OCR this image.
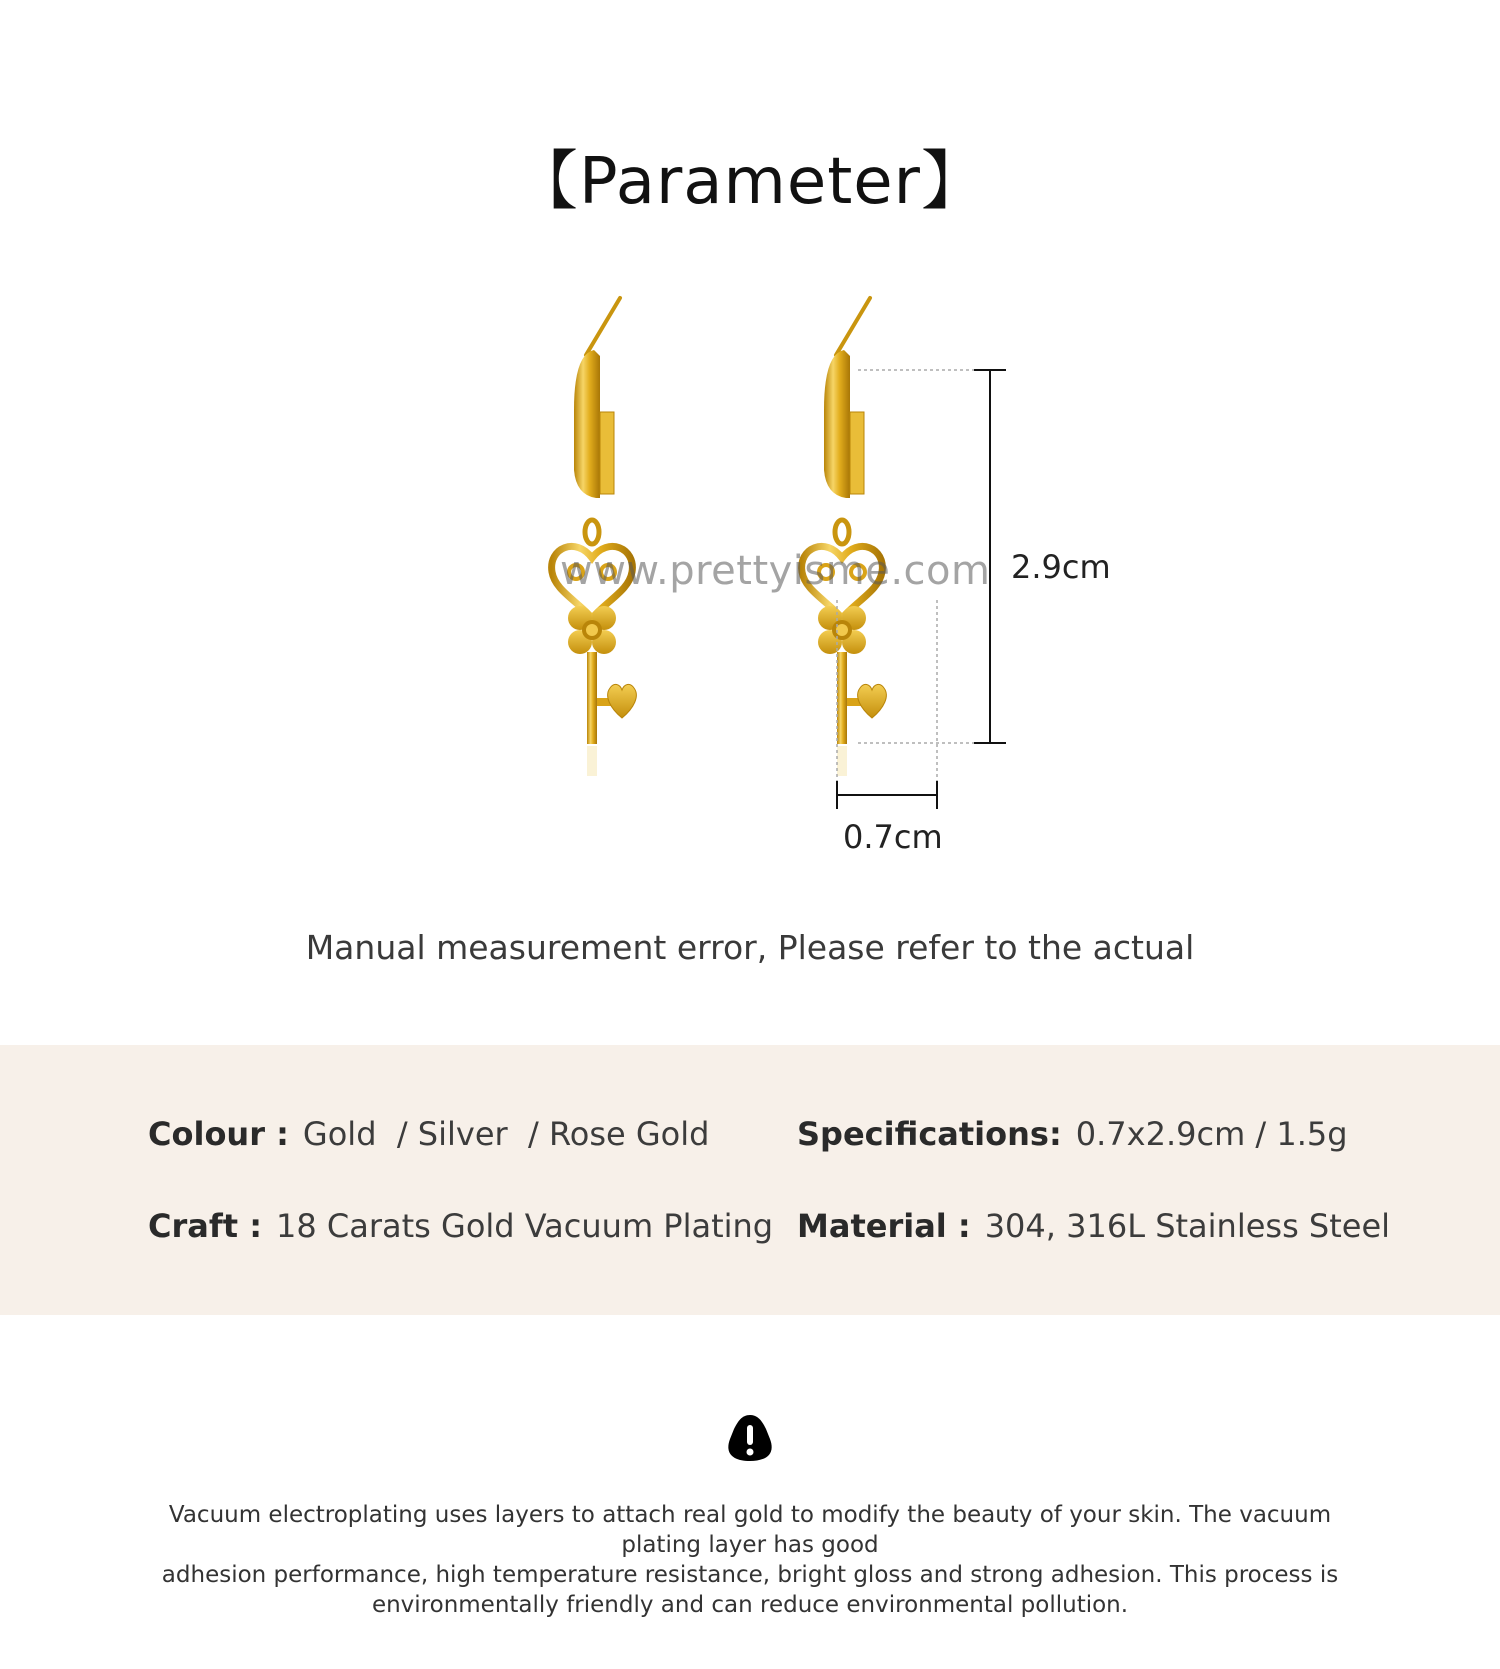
【Parameter】
www.prettyisme.com 2.9cm
0.7cm
Manual measurement error, Please refer to the actual
Colour : Gold  / Silver  / Rose Gold	Specifications: 0.7x2.9cm / 1.5g
Craft : 18 Carats Gold Vacuum Plating Material : 304, 316L Stainless Steel
Vacuum electroplating uses layers to attach real gold to modify the beauty of your skin. The vacuum plating layer has good
adhesion performance, high temperature resistance, bright gloss and strong adhesion. This process is
environmentally friendly and can reduce environmental pollution.
